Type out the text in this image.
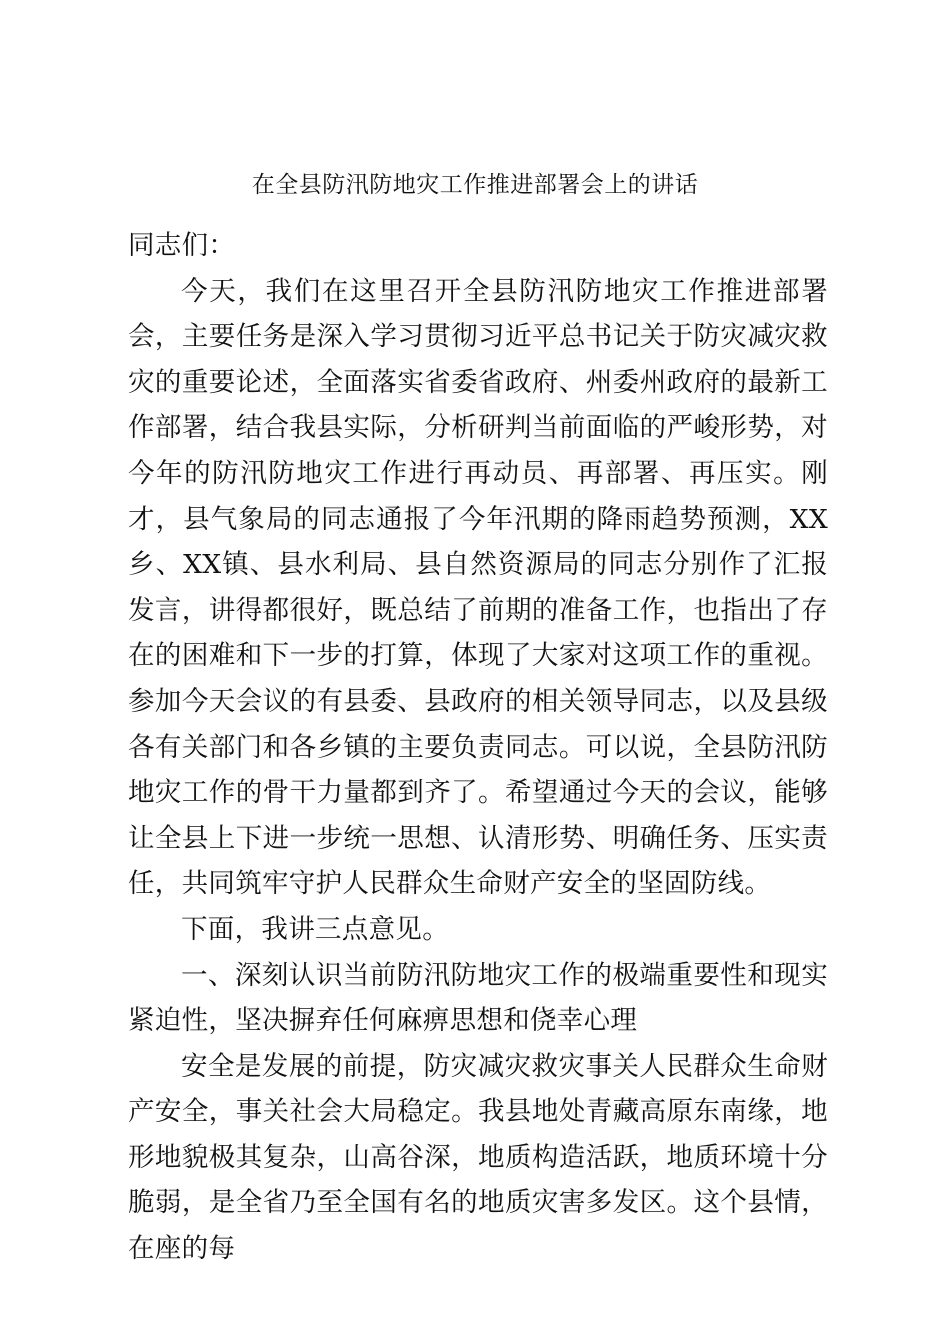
在全县防汛防地灾工作推进部署会上的讲话

同志们：

今天，我们在这里召开全县防汛防地灾工作推进部署会，主要任务是深入学习贯彻习近平总书记关于防灾减灾救灾的重要论述，全面落实省委省政府、州委州政府的最新工作部署，结合我县实际，分析研判当前面临的严峻形势，对今年的防汛防地灾工作进行再动员、再部署、再压实。刚才，县气象局的同志通报了今年汛期的降雨趋势预测，XX乡、XX镇、县水利局、县自然资源局的同志分别作了汇报发言，讲得都很好，既总结了前期的准备工作，也指出了存在的困难和下一步的打算，体现了大家对这项工作的重视。参加今天会议的有县委、县政府的相关领导同志，以及县级各有关部门和各乡镇的主要负责同志。可以说，全县防汛防地灾工作的骨干力量都到齐了。希望通过今天的会议，能够让全县上下进一步统一思想、认清形势、明确任务、压实责任，共同筑牢守护人民群众生命财产安全的坚固防线。

下面，我讲三点意见。

一、深刻认识当前防汛防地灾工作的极端重要性和现实紧迫性，坚决摒弃任何麻痹思想和侥幸心理

安全是发展的前提，防灾减灾救灾事关人民群众生命财产安全，事关社会大局稳定。我县地处青藏高原东南缘，地形地貌极其复杂，山高谷深，地质构造活跃，地质环境十分脆弱，是全省乃至全国有名的地质灾害多发区。这个县情，在座的每
